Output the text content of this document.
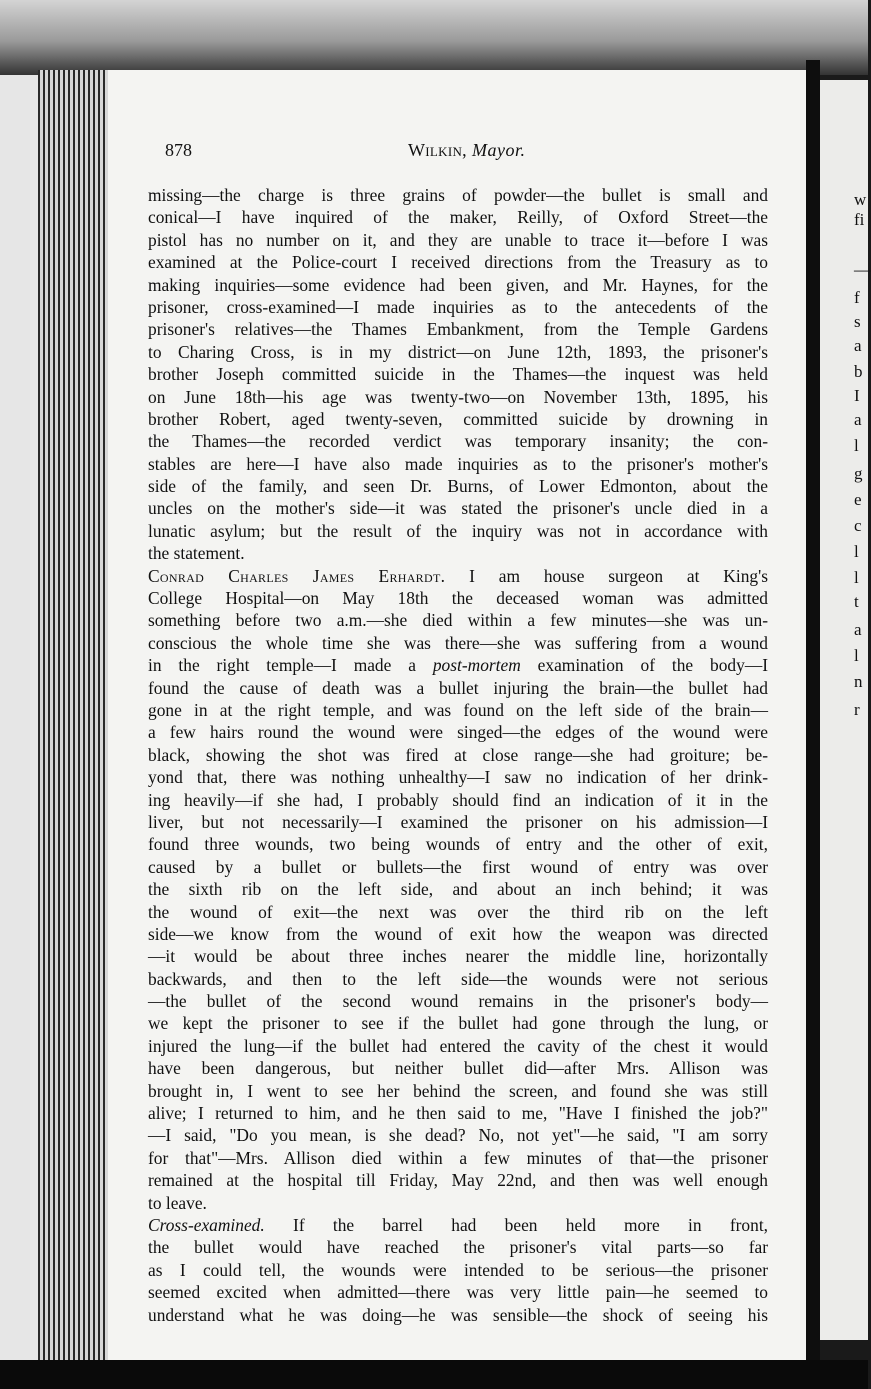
w
fi
—
f
s
a
b
I
a
l
g
e
c
l
l
t
a
l
n
r
878	Wilkin, Mayor.
missing—the charge is three grains of powder—the bullet is small and
conical—I have inquired of the maker, Reilly, of Oxford Street—the
pistol has no number on it, and they are unable to trace it—before I was
examined at the Police-court I received directions from the Treasury as to
making inquiries—some evidence had been given, and Mr. Haynes, for the
prisoner, cross-examined—I made inquiries as to the antecedents of the
prisoner's relatives—the Thames Embankment, from the Temple Gardens
to Charing Cross, is in my district—on June 12th, 1893, the prisoner's
brother Joseph committed suicide in the Thames—the inquest was held
on June 18th—his age was twenty-two—on November 13th, 1895, his
brother Robert, aged twenty-seven, committed suicide by drowning in
the Thames—the recorded verdict was temporary insanity; the con-
stables are here—I have also made inquiries as to the prisoner's mother's
side of the family, and seen Dr. Burns, of Lower Edmonton, about the
uncles on the mother's side—it was stated the prisoner's uncle died in a
lunatic asylum; but the result of the inquiry was not in accordance with
the statement.
Conrad Charles James Erhardt. I am house surgeon at King's
College Hospital—on May 18th the deceased woman was admitted
something before two a.m.—she died within a few minutes—she was un-
conscious the whole time she was there—she was suffering from a wound
in the right temple—I made a post-mortem examination of the body—I
found the cause of death was a bullet injuring the brain—the bullet had
gone in at the right temple, and was found on the left side of the brain—
a few hairs round the wound were singed—the edges of the wound were
black, showing the shot was fired at close range—she had groiture; be-
yond that, there was nothing unhealthy—I saw no indication of her drink-
ing heavily—if she had, I probably should find an indication of it in the
liver, but not necessarily—I examined the prisoner on his admission—I
found three wounds, two being wounds of entry and the other of exit,
caused by a bullet or bullets—the first wound of entry was over
the sixth rib on the left side, and about an inch behind; it was
the wound of exit—the next was over the third rib on the left
side—we know from the wound of exit how the weapon was directed
—it would be about three inches nearer the middle line, horizontally
backwards, and then to the left side—the wounds were not serious
—the bullet of the second wound remains in the prisoner's body—
we kept the prisoner to see if the bullet had gone through the lung, or
injured the lung—if the bullet had entered the cavity of the chest it would
have been dangerous, but neither bullet did—after Mrs. Allison was
brought in, I went to see her behind the screen, and found she was still
alive; I returned to him, and he then said to me, "Have I finished the job?"
—I said, "Do you mean, is she dead? No, not yet"—he said, "I am sorry
for that"—Mrs. Allison died within a few minutes of that—the prisoner
remained at the hospital till Friday, May 22nd, and then was well enough
to leave.
Cross-examined. If the barrel had been held more in front,
the bullet would have reached the prisoner's vital parts—so far
as I could tell, the wounds were intended to be serious—the prisoner
seemed excited when admitted—there was very little pain—he seemed to
understand what he was doing—he was sensible—the shock of seeing his
